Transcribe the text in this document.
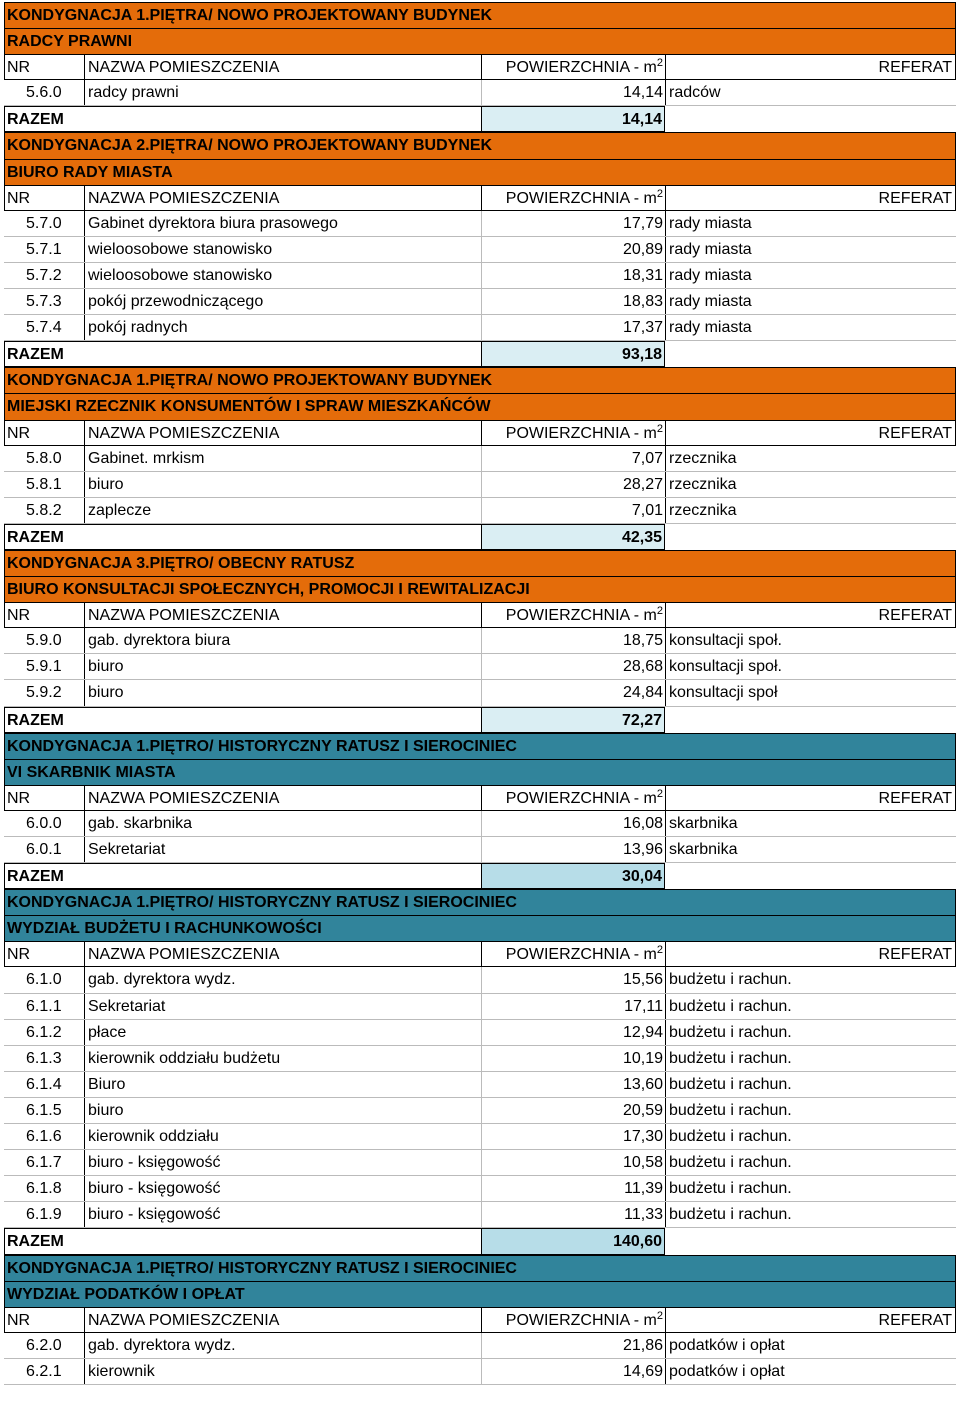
KONDYGNACJA 1.PIĘTRA/ NOWO PROJEKTOWANY BUDYNEK
RADCY PRAWNI
NR	NAZWA POMIESZCZENIA	POWIERZCHNIA - $m^2$	REFERAT
5.6.0	radcy prawni	14,14 radców
RAZEM	14,14
KONDYGNACJA 2.PIĘTRA/ NOWO PROJEKTOWANY BUDYNEK
BIURO RADY MIASTA
NR	NAZWA POMIESZCZENIA	POWIERZCHNIA - $m^2$	REFERAT
5.7.0	Gabinet dyrektora biura prasowego	17,79 rady miasta
5.7.1	wieloosobowe stanowisko	20,89 rady miasta
5.7.2	wieloosobowe stanowisko	18,31 rady miasta
5.7.3	pokój przewodniczącego	18,83 rady miasta
5.7.4	pokój radnych	17,37 rady miasta
RAZEM	93,18
KONDYGNACJA 1.PIĘTRA/ NOWO PROJEKTOWANY BUDYNEK
MIEJSKI RZECZNIK KONSUMENTÓW I SPRAW MIESZKAŃCÓW
NR	NAZWA POMIESZCZENIA	POWIERZCHNIA - $m^2$	REFERAT
5.8.0	Gabinet. mrkism	7,07 rzecznika
5.8.1	biuro	28,27 rzecznika
5.8.2	zaplecze	7,01 rzecznika
RAZEM	42,35
KONDYGNACJA 3.PIĘTRO/ OBECNY RATUSZ
BIURO KONSULTACJI SPOŁECZNYCH, PROMOCJI I REWITALIZACJI
NR	NAZWA POMIESZCZENIA	POWIERZCHNIA - $m^2$	REFERAT
5.9.0	gab. dyrektora biura	18,75 konsultacji społ.
5.9.1	biuro	28,68 konsultacji społ.
5.9.2	biuro	24,84 konsultacji społ
RAZEM	72,27
KONDYGNACJA 1.PIĘTRO/ HISTORYCZNY RATUSZ I SIEROCINIEC
VI SKARBNIK MIASTA
NR	NAZWA POMIESZCZENIA	POWIERZCHNIA - $m^2$	REFERAT
6.0.0	gab. skarbnika	16,08 skarbnika
6.0.1	Sekretariat	13,96 skarbnika
RAZEM	30,04
KONDYGNACJA 1.PIĘTRO/ HISTORYCZNY RATUSZ I SIEROCINIEC
WYDZIAŁ BUDŻETU I RACHUNKOWOŚCI
NR	NAZWA POMIESZCZENIA	POWIERZCHNIA - $m^2$	REFERAT
6.1.0	gab. dyrektora wydz.	15,56 budżetu i rachun.
6.1.1	Sekretariat	17,11 budżetu i rachun.
6.1.2	płace	12,94 budżetu i rachun.
6.1.3	kierownik oddziału budżetu	10,19 budżetu i rachun.
6.1.4	Biuro	13,60 budżetu i rachun.
6.1.5	biuro	20,59 budżetu i rachun.
6.1.6	kierownik oddziału	17,30 budżetu i rachun.
6.1.7	biuro - księgowość	10,58 budżetu i rachun.
6.1.8	biuro - księgowość	11,39 budżetu i rachun.
6.1.9	biuro - księgowość	11,33 budżetu i rachun.
RAZEM	140,60
KONDYGNACJA 1.PIĘTRO/ HISTORYCZNY RATUSZ I SIEROCINIEC
WYDZIAŁ PODATKÓW I OPŁAT
NR	NAZWA POMIESZCZENIA	POWIERZCHNIA - $m^2$	REFERAT
6.2.0	gab. dyrektora wydz.	21,86 podatków i opłat
6.2.1	kierownik	14,69 podatków i opłat
